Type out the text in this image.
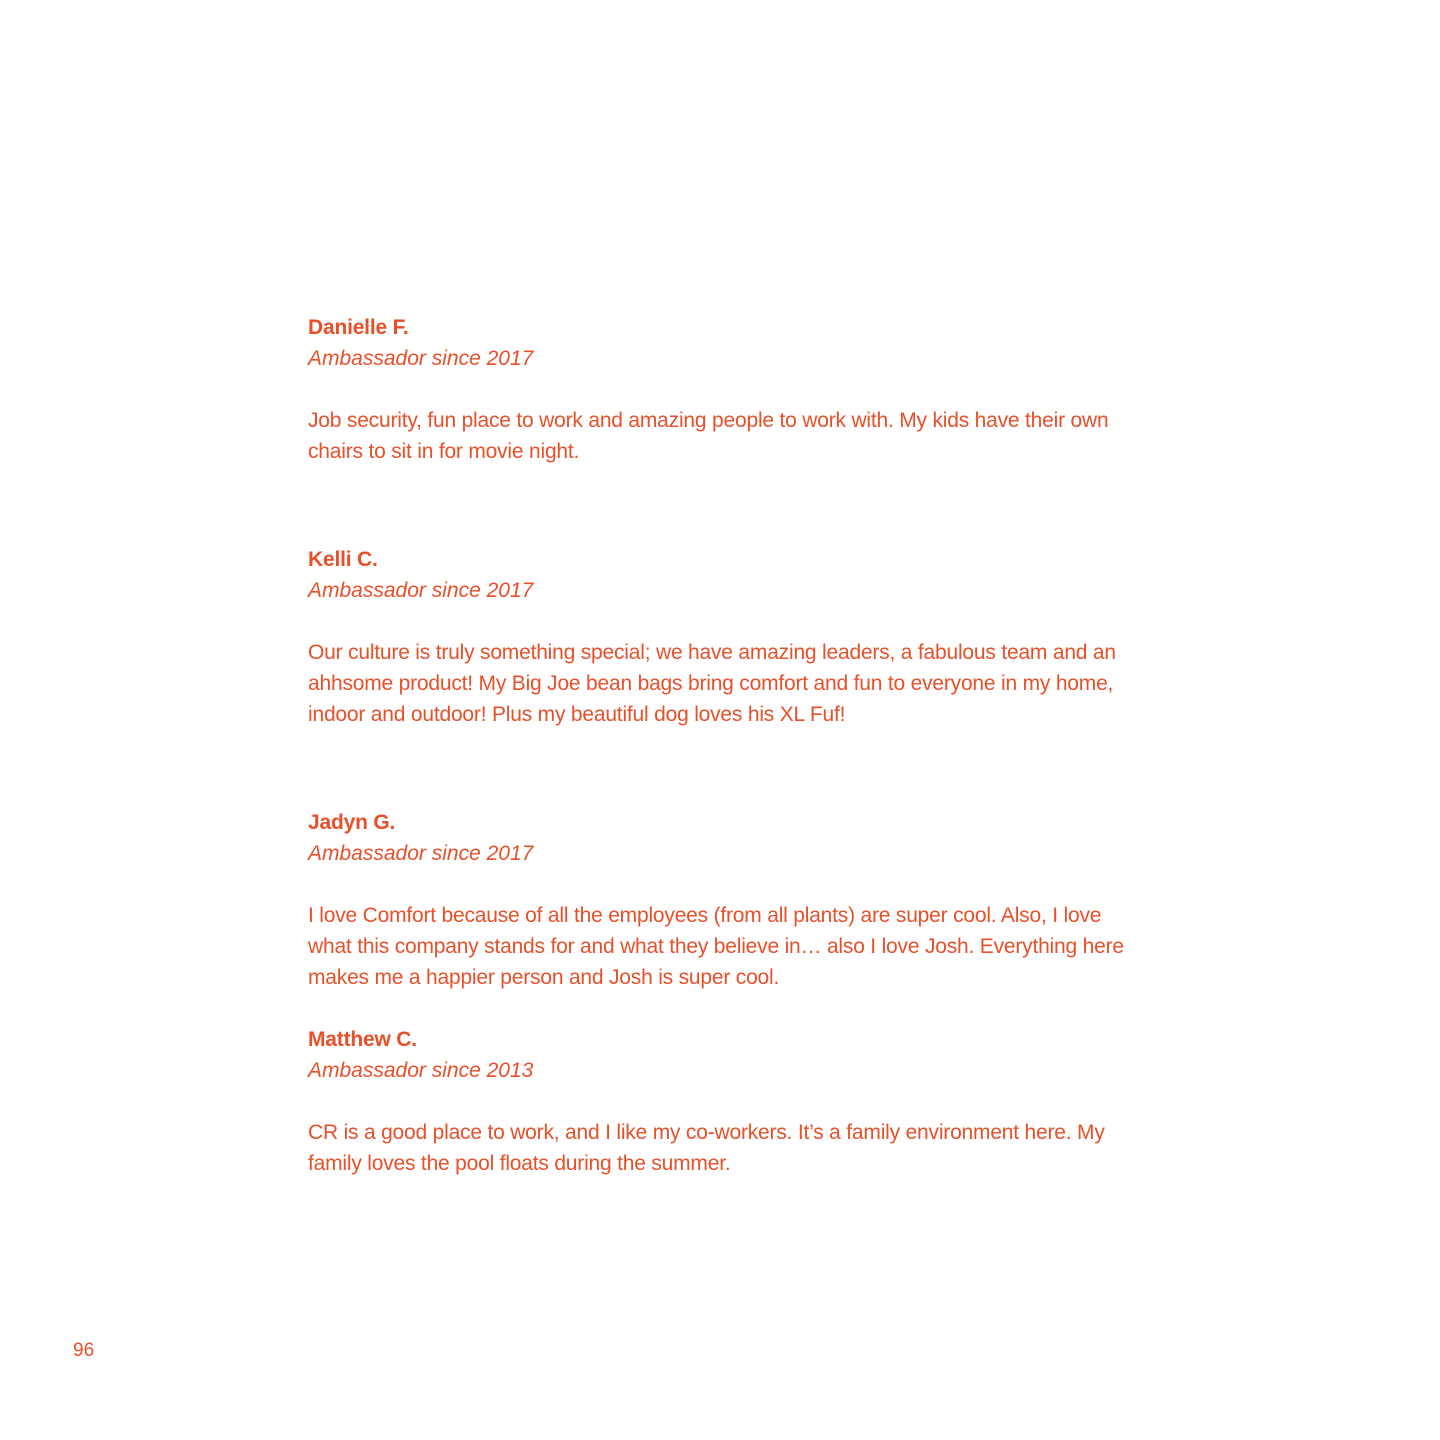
Danielle F.

Ambassador since 2017

Job security, fun place to work and amazing people to work with. My kids have their own chairs to sit in for movie night.

Kelli C.

Ambassador since 2017

Our culture is truly something special; we have amazing leaders, a fabulous team and an ahhsome product! My Big Joe bean bags bring comfort and fun to everyone in my home, indoor and outdoor! Plus my beautiful dog loves his XL Fuf!

Jadyn G.

Ambassador since 2017

I love Comfort because of all the employees (from all plants) are super cool. Also, I love what this company stands for and what they believe in… also I love Josh. Everything here makes me a happier person and Josh is super cool.

Matthew C.

Ambassador since 2013

CR is a good place to work, and I like my co-workers. It’s a family environment here. My family loves the pool floats during the summer.

96
